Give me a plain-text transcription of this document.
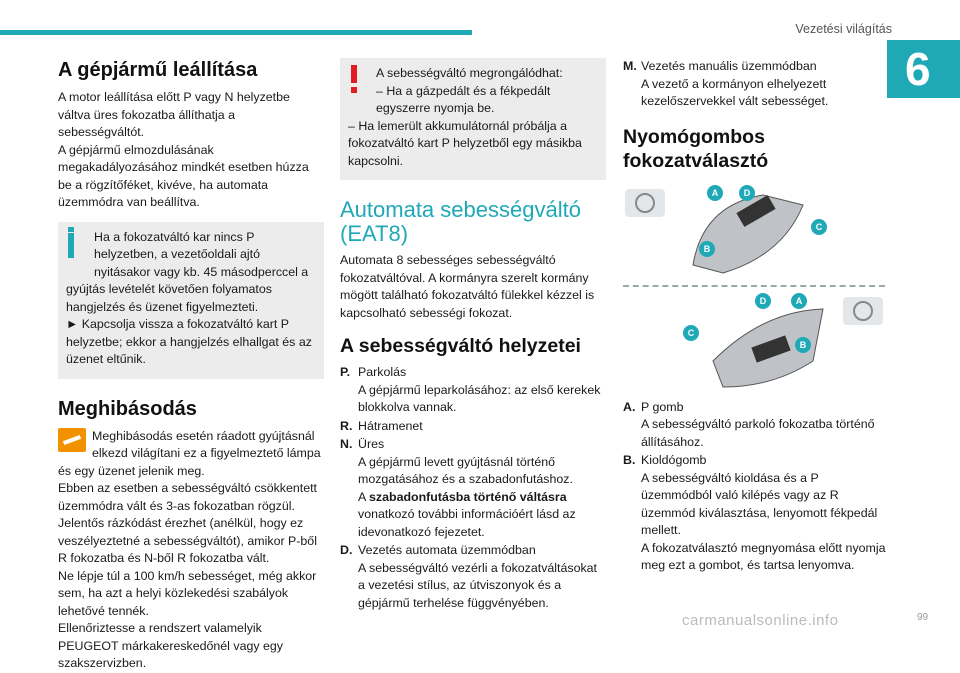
Vezetési világítás
6
A gépjármű leállítása

A motor leállítása előtt P vagy N helyzetbe váltva üres fokozatba állíthatja a sebességváltót.

A gépjármű elmozdulásának megakadályozásához mindkét esetben húzza be a rögzítőféket, kivéve, ha automata üzemmódra van beállítva.

Ha a fokozatváltó kar nincs P helyzetben, a vezetőoldali ajtó nyitásakor vagy kb. 45 másodperccel a gyújtás levételét követően folyamatos hangjelzés és üzenet figyelmezteti.

► Kapcsolja vissza a fokozatváltó kart P helyzetbe; ekkor a hangjelzés elhallgat és az üzenet eltűnik.

Meghibásodás

Meghibásodás esetén ráadott gyújtásnál elkezd világítani ez a figyelmeztető lámpa és egy üzenet jelenik meg.

Ebben az esetben a sebességváltó csökkentett üzemmódra vált és 3-as fokozatban rögzül.

Jelentős rázkódást érezhet (anélkül, hogy ez veszélyeztetné a sebességváltót), amikor P-ből R fokozatba és N-ből R fokozatba vált.

Ne lépje túl a 100 km/h sebességet, még akkor sem, ha azt a helyi közlekedési szabályok lehetővé tennék.

Ellenőriztesse a rendszert valamelyik PEUGEOT márkakereskedőnél vagy egy szakszervizben.

A sebességváltó megrongálódhat:

– Ha a gázpedált és a fékpedált egyszerre nyomja be.

– Ha lemerült akkumulátornál próbálja a fokozatváltó kart P helyzetből egy másikba kapcsolni.

Automata sebességváltó (EAT8)

Automata 8 sebességes sebességváltó fokozatváltóval. A kormányra szerelt kormány mögött található fokozatváltó fülekkel kézzel is kapcsolható sebességi fokozat.

A sebességváltó helyzetei
P. Parkolás
A gépjármű leparkolásához: az első kerekek blokkolva vannak.
R. Hátramenet
N. Üres
A gépjármű levett gyújtásnál történő mozgatásához és a szabadonfutáshoz.
A szabadonfutásba történő váltásra vonatkozó további információért lásd az idevonatkozó fejezetet.
D. Vezetés automata üzemmódban
A sebességváltó vezérli a fokozatváltásokat a vezetési stílus, az útviszonyok és a gépjármű terhelése függvényében.
M. Vezetés manuális üzemmódban
A vezető a kormányon elhelyezett kezelőszervekkel vált sebességet.
Nyomógombos fokozatválasztó
A	D
C
B
D	A
C
B
A. P gomb
A sebességváltó parkoló fokozatba történő állításához.
B. Kioldógomb
A sebességváltó kioldása és a P üzemmódból való kilépés vagy az R üzemmód kiválasztása, lenyomott fékpedál mellett.
A fokozatválasztó megnyomása előtt nyomja meg ezt a gombot, és tartsa lenyomva.
carmanualsonline.info	99
